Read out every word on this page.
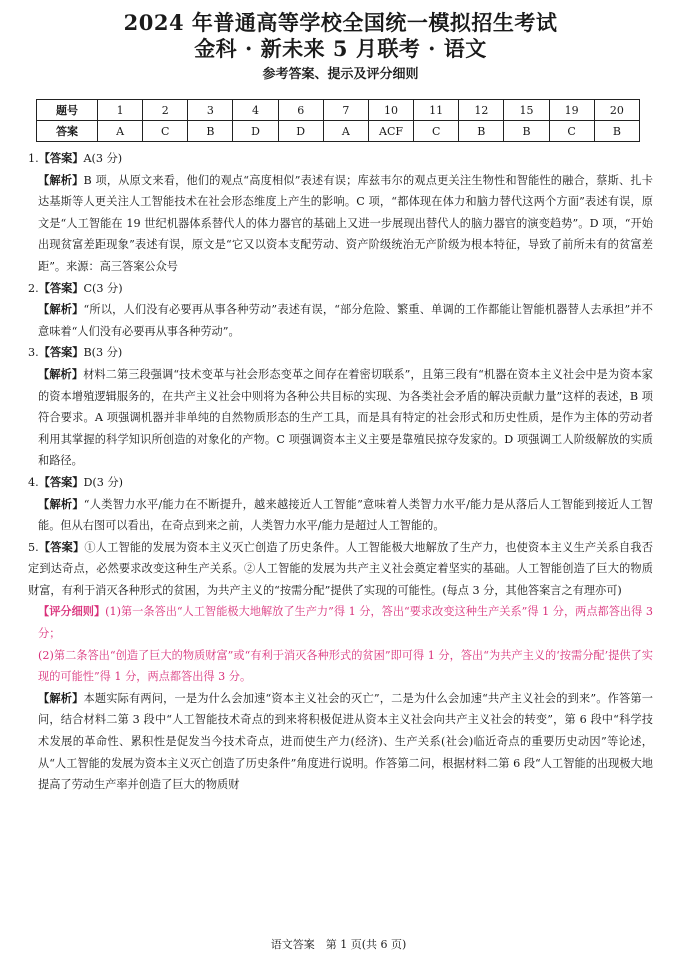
2024 年普通高等学校全国统一模拟招生考试
金科 · 新未来 5 月联考 · 语文
参考答案、提示及评分细则
题号	1	2	3	4	6	7	10	11	12	15	19	20
答案	A	C	B	D	D	A	ACF	C	B	B	C	B

1.【答案】A(3 分)

【解析】B 项，从原文来看，他们的观点“高度相似”表述有误；库兹韦尔的观点更关注生物性和智能性的融合，蔡斯、扎卡达基斯等人更关注人工智能技术在社会形态维度上产生的影响。C 项，“都体现在体力和脑力替代这两个方面”表述有误，原文是“人工智能在 19 世纪机器体系替代人的体力器官的基础上又进一步展现出替代人的脑力器官的演变趋势”。D 项，“开始出现贫富差距现象”表述有误，原文是“它又以资本支配劳动、资产阶级统治无产阶级为根本特征，导致了前所未有的贫富差距”。来源：高三答案公众号

2.【答案】C(3 分)

【解析】“所以，人们没有必要再从事各种劳动”表述有误，“部分危险、繁重、单调的工作都能让智能机器替人去承担”并不意味着“人们没有必要再从事各种劳动”。

3.【答案】B(3 分)

【解析】材料二第三段强调“技术变革与社会形态变革之间存在着密切联系”，且第三段有“机器在资本主义社会中是为资本家的资本增殖逻辑服务的，在共产主义社会中则将为各种公共目标的实现、为各类社会矛盾的解决贡献力量”这样的表述，B 项符合要求。A 项强调机器并非单纯的自然物质形态的生产工具，而是具有特定的社会形式和历史性质，是作为主体的劳动者利用其掌握的科学知识所创造的对象化的产物。C 项强调资本主义主要是靠殖民掠夺发家的。D 项强调工人阶级解放的实质和路径。

4.【答案】D(3 分)

【解析】“人类智力水平/能力在不断提升，越来越接近人工智能”意味着人类智力水平/能力是从落后人工智能到接近人工智能。但从右图可以看出，在奇点到来之前，人类智力水平/能力是超过人工智能的。

5.【答案】①人工智能的发展为资本主义灭亡创造了历史条件。人工智能极大地解放了生产力，也使资本主义生产关系自我否定到达奇点，必然要求改变这种生产关系。②人工智能的发展为共产主义社会奠定着坚实的基础。人工智能创造了巨大的物质财富，有利于消灭各种形式的贫困，为共产主义的“按需分配”提供了实现的可能性。(每点 3 分，其他答案言之有理亦可)

【评分细则】(1)第一条答出“人工智能极大地解放了生产力”得 1 分，答出“要求改变这种生产关系”得 1 分，两点都答出得 3 分；

(2)第二条答出“创造了巨大的物质财富”或“有利于消灭各种形式的贫困”即可得 1 分，答出“为共产主义的‘按需分配’提供了实现的可能性”得 1 分，两点都答出得 3 分。

【解析】本题实际有两问，一是为什么会加速“资本主义社会的灭亡”，二是为什么会加速“共产主义社会的到来”。作答第一问，结合材料二第 3 段中“人工智能技术奇点的到来将积极促进从资本主义社会向共产主义社会的转变”，第 6 段中“科学技术发展的革命性、累积性是促发当今技术奇点，进而使生产力(经济)、生产关系(社会)临近奇点的重要历史动因”等论述，从“人工智能的发展为资本主义灭亡创造了历史条件”角度进行说明。作答第二问，根据材料二第 6 段“人工智能的出现极大地提高了劳动生产率并创造了巨大的物质财

语文答案　第 1 页(共 6 页)
